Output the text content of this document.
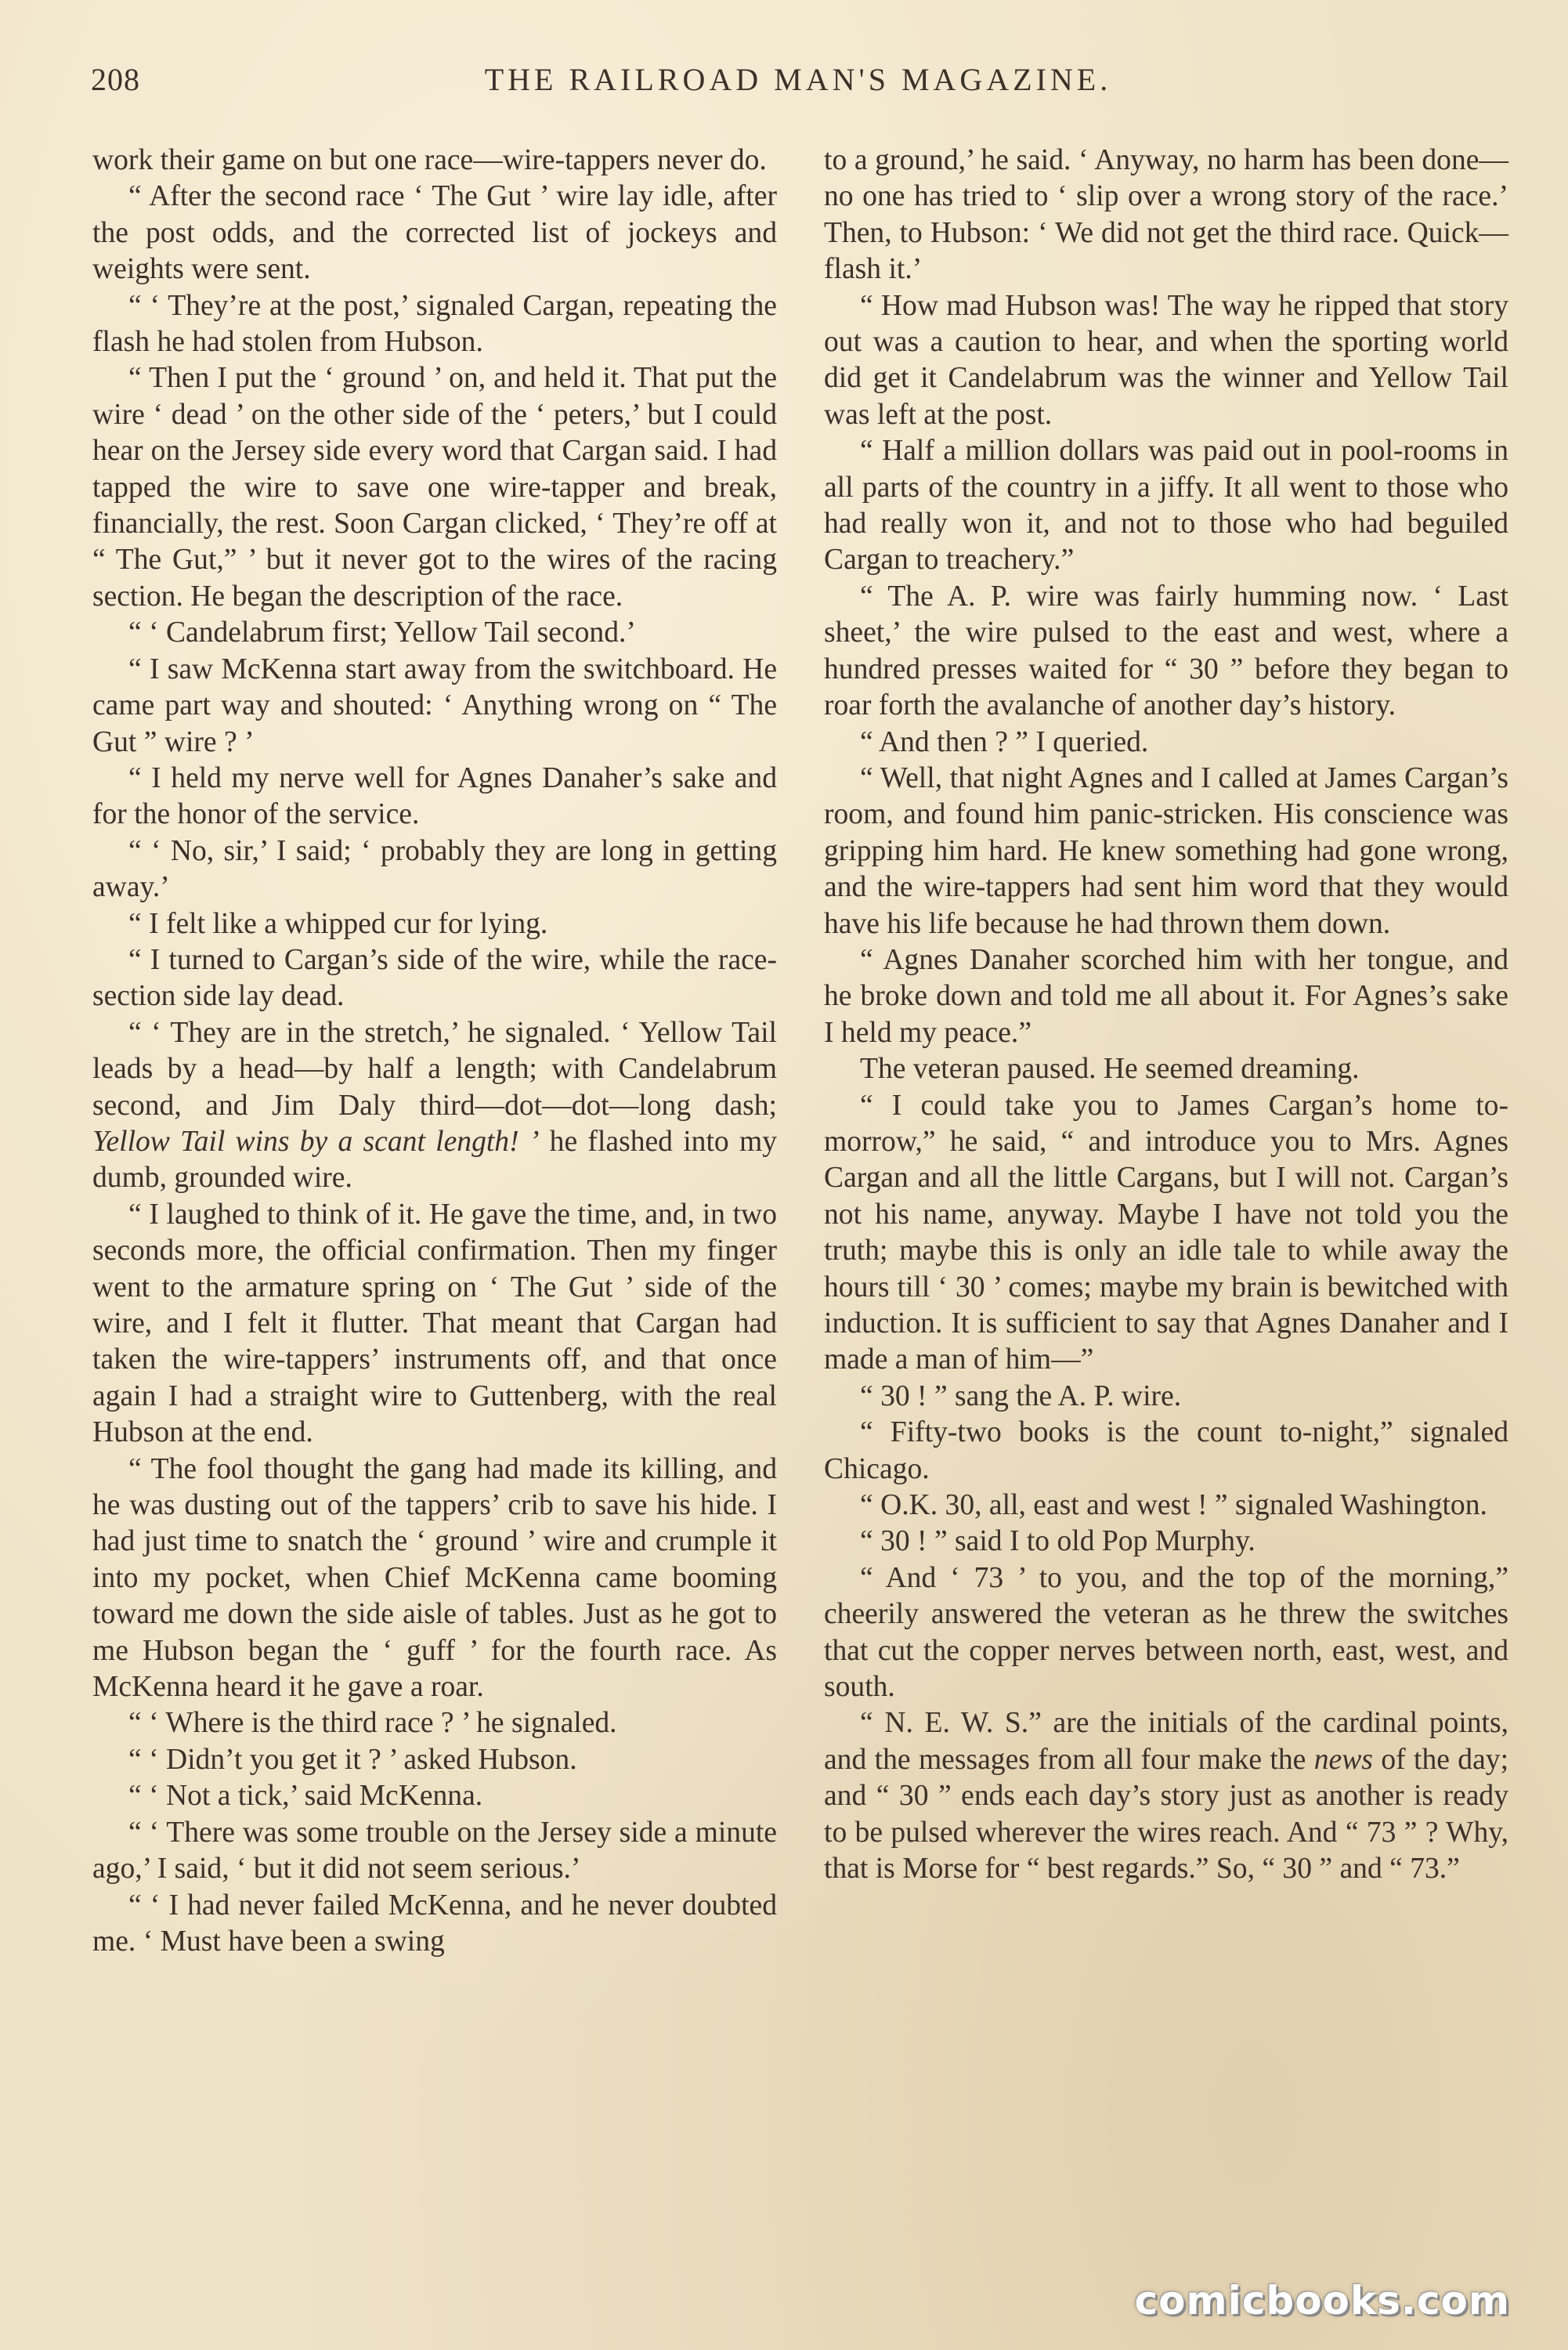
208	THE RAILROAD MAN'S MAGAZINE.

work their game on but one race—wire-tappers never do.

“ After the second race ‘ The Gut ’ wire lay idle, after the post odds, and the corrected list of jockeys and weights were sent.

“ ‘ They’re at the post,’ signaled Cargan, repeating the flash he had stolen from Hubson.

“ Then I put the ‘ ground ’ on, and held it. That put the wire ‘ dead ’ on the other side of the ‘ peters,’ but I could hear on the Jersey side every word that Cargan said. I had tapped the wire to save one wire-tapper and break, financially, the rest. Soon Cargan clicked, ‘ They’re off at “ The Gut,” ’ but it never got to the wires of the racing section. He began the description of the race.

“ ‘ Candelabrum first; Yellow Tail second.’

“ I saw McKenna start away from the switchboard. He came part way and shouted: ‘ Anything wrong on “ The Gut ” wire ? ’

“ I held my nerve well for Agnes Danaher’s sake and for the honor of the service.

“ ‘ No, sir,’ I said; ‘ probably they are long in getting away.’

“ I felt like a whipped cur for lying.

“ I turned to Cargan’s side of the wire, while the race-section side lay dead.

“ ‘ They are in the stretch,’ he signaled. ‘ Yellow Tail leads by a head—by half a length; with Candelabrum second, and Jim Daly third—dot—dot—long dash; Yellow Tail wins by a scant length! ’ he flashed into my dumb, grounded wire.

“ I laughed to think of it. He gave the time, and, in two seconds more, the official confirmation. Then my finger went to the armature spring on ‘ The Gut ’ side of the wire, and I felt it flutter. That meant that Cargan had taken the wire-tappers’ instruments off, and that once again I had a straight wire to Guttenberg, with the real Hubson at the end.

“ The fool thought the gang had made its killing, and he was dusting out of the tappers’ crib to save his hide. I had just time to snatch the ‘ ground ’ wire and crumple it into my pocket, when Chief McKenna came booming toward me down the side aisle of tables. Just as he got to me Hubson began the ‘ guff ’ for the fourth race. As McKenna heard it he gave a roar.

“ ‘ Where is the third race ? ’ he signaled.

“ ‘ Didn’t you get it ? ’ asked Hubson.

“ ‘ Not a tick,’ said McKenna.

“ ‘ There was some trouble on the Jersey side a minute ago,’ I said, ‘ but it did not seem serious.’

“ ‘ I had never failed McKenna, and he never doubted me. ‘ Must have been a swing

to a ground,’ he said. ‘ Anyway, no harm has been done—no one has tried to ‘ slip over a wrong story of the race.’ Then, to Hubson: ‘ We did not get the third race. Quick—flash it.’

“ How mad Hubson was! The way he ripped that story out was a caution to hear, and when the sporting world did get it Candelabrum was the winner and Yellow Tail was left at the post.

“ Half a million dollars was paid out in pool-rooms in all parts of the country in a jiffy. It all went to those who had really won it, and not to those who had beguiled Cargan to treachery.”

“ The A. P. wire was fairly humming now. ‘ Last sheet,’ the wire pulsed to the east and west, where a hundred presses waited for “ 30 ” before they began to roar forth the avalanche of another day’s history.

“ And then ? ” I queried.

“ Well, that night Agnes and I called at James Cargan’s room, and found him panic-stricken. His conscience was gripping him hard. He knew something had gone wrong, and the wire-tappers had sent him word that they would have his life because he had thrown them down.

“ Agnes Danaher scorched him with her tongue, and he broke down and told me all about it. For Agnes’s sake I held my peace.”

The veteran paused. He seemed dreaming.

“ I could take you to James Cargan’s home to-morrow,” he said, “ and introduce you to Mrs. Agnes Cargan and all the little Cargans, but I will not. Cargan’s not his name, anyway. Maybe I have not told you the truth; maybe this is only an idle tale to while away the hours till ‘ 30 ’ comes; maybe my brain is bewitched with induction. It is sufficient to say that Agnes Danaher and I made a man of him—”

“ 30 ! ” sang the A. P. wire.

“ Fifty-two books is the count to-night,” signaled Chicago.

“ O.K. 30, all, east and west ! ” signaled Washington.

“ 30 ! ” said I to old Pop Murphy.

“ And ‘ 73 ’ to you, and the top of the morning,” cheerily answered the veteran as he threw the switches that cut the copper nerves between north, east, west, and south.

“ N. E. W. S.” are the initials of the cardinal points, and the messages from all four make the news of the day; and “ 30 ” ends each day’s story just as another is ready to be pulsed wherever the wires reach. And “ 73 ” ? Why, that is Morse for “ best regards.” So, “ 30 ” and “ 73.”

comicbooks.com
